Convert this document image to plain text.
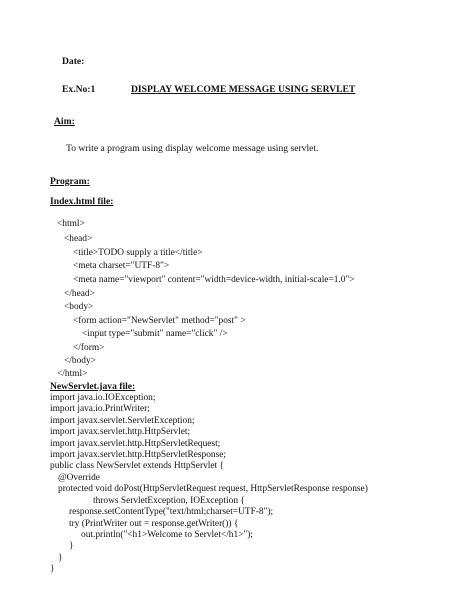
Date:
Ex.No:1	DISPLAY WELCOME MESSAGE USING SERVLET
Aim:
To write a program using display welcome message using servlet.
Program:
Index.html file:
<html>
<head>
<title>TODO supply a title</title>
<meta charset="UTF-8">
<meta name="viewport" content="width=device-width, initial-scale=1.0">
</head>
<body>
<form action="NewServlet" method="post" >
<input type="submit" name="click" />
</form>
</body>
</html>
NewServlet.java file:
import java.io.IOException;
import java.io.PrintWriter;
import javax.servlet.ServletException;
import javax.servlet.http.HttpServlet;
import javax.servlet.http.HttpServletRequest;
import javax.servlet.http.HttpServletResponse;
public class NewServlet extends HttpServlet {
@Override
protected void doPost(HttpServletRequest request, HttpServletResponse response)
throws ServletException, IOException {
response.setContentType("text/html;charset=UTF-8");
try (PrintWriter out = response.getWriter()) {
out.println("<h1>Welcome to Servlet</h1>");
}
}
}
